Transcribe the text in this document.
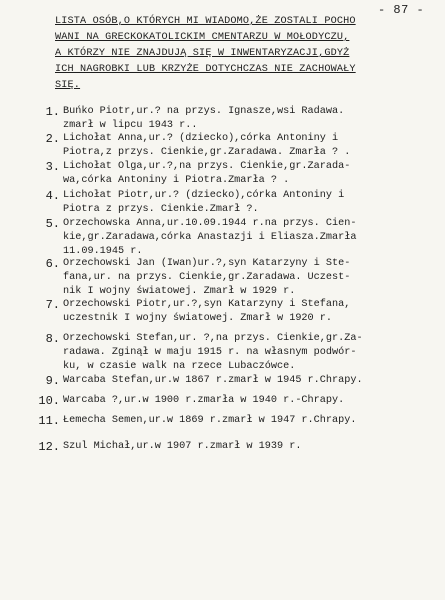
- 87 -
LISTA OSÓB,O KTÓRYCH MI WIADOMO,ŻE ZOSTALI POCHO
WANI NA GRECKOKATOLICKIM CMENTARZU W MOŁODYCZU,
A KTÓRZY NIE ZNAJDUJĄ SIĘ W INWENTARYZACJI,GDYŻ
ICH NAGROBKI LUB KRZYŻE DOTYCHCZAS NIE ZACHOWAŁY
SIĘ.
1 .	Buńko Piotr,ur.? na przys. Ignasze,wsi Radawa.
zmarł w lipcu 1943 r..
2 .	Lichołat Anna,ur.? (dziecko),córka Antoniny i
Piotra,z przys. Cienkie,gr.Zaradawa. Zmarła ? .
3 .	Lichołat Olga,ur.?,na przys. Cienkie,gr.Zarada-
wa,córka Antoniny i Piotra.Zmarła ? .
4 .	Lichołat Piotr,ur.? (dziecko),córka Antoniny i
Piotra z przys. Cienkie.Zmarł ?.
5 .	Orzechowska Anna,ur.10.09.1944 r.na przys. Cien-
kie,gr.Zaradawa,córka Anastazji i Eliasza.Zmarła
11.09.1945 r.
6 .	Orzechowski Jan (Iwan)ur.?,syn Katarzyny i Ste-
fana,ur. na przys. Cienkie,gr.Zaradawa. Uczest-
nik I wojny światowej. Zmarł w 1929 r.
7 .	Orzechowski Piotr,ur.?,syn Katarzyny i Stefana,
uczestnik I wojny światowej. Zmarł w 1920 r.
8 .	Orzechowski Stefan,ur. ?,na przys. Cienkie,gr.Za-
radawa. Zginął w maju 1915 r. na własnym podwór-
ku, w czasie walk na rzece Lubaczówce.
9 .	Warcaba Stefan,ur.w 1867 r.zmarł w 1945 r.Chrapy.
10 .	Warcaba ?,ur.w 1900 r.zmarła w 1940 r.-Chrapy.
11 .	Łemecha Semen,ur.w 1869 r.zmarł w 1947 r.Chrapy.
12 .	Szul Michał,ur.w 1907 r.zmarł w 1939 r.
